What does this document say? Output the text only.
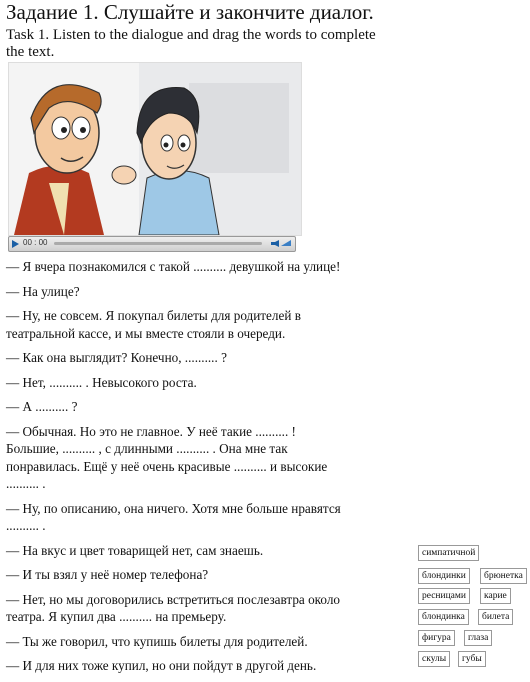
Задание 1. Слушайте и закончите диалог.
Task 1. Listen to the dialogue and drag the words to complete the text.
00 : 00
— Я вчера познакомился с такой .......... девушкой на улице!
— На улице?
— Ну, не совсем. Я покупал билеты для родителей в театральной кассе, и мы вместе стояли в очереди.
— Как она выглядит? Конечно, .......... ?
— Нет, .......... . Невысокого роста.
— А .......... ?
— Обычная. Но это не главное. У неё такие .......... ! Большие, .......... , с длинными .......... . Она мне так понравилась. Ещё у неё очень красивые .......... и высокие .......... .
— Ну, по описанию, она ничего. Хотя мне больше нравятся .......... .
— На вкус и цвет товарищей нет, сам знаешь.
— И ты взял у неё номер телефона?
— Нет, но мы договорились встретиться послезавтра около театра. Я купил два .......... на премьеру.
— Ты же говорил, что купишь билеты для родителей.
— И для них тоже купил, но они пойдут в другой день.
симпатичной
блондинки	брюнетка
ресницами	карие
блондинка	билета
фигура	глаза
скулы	губы
